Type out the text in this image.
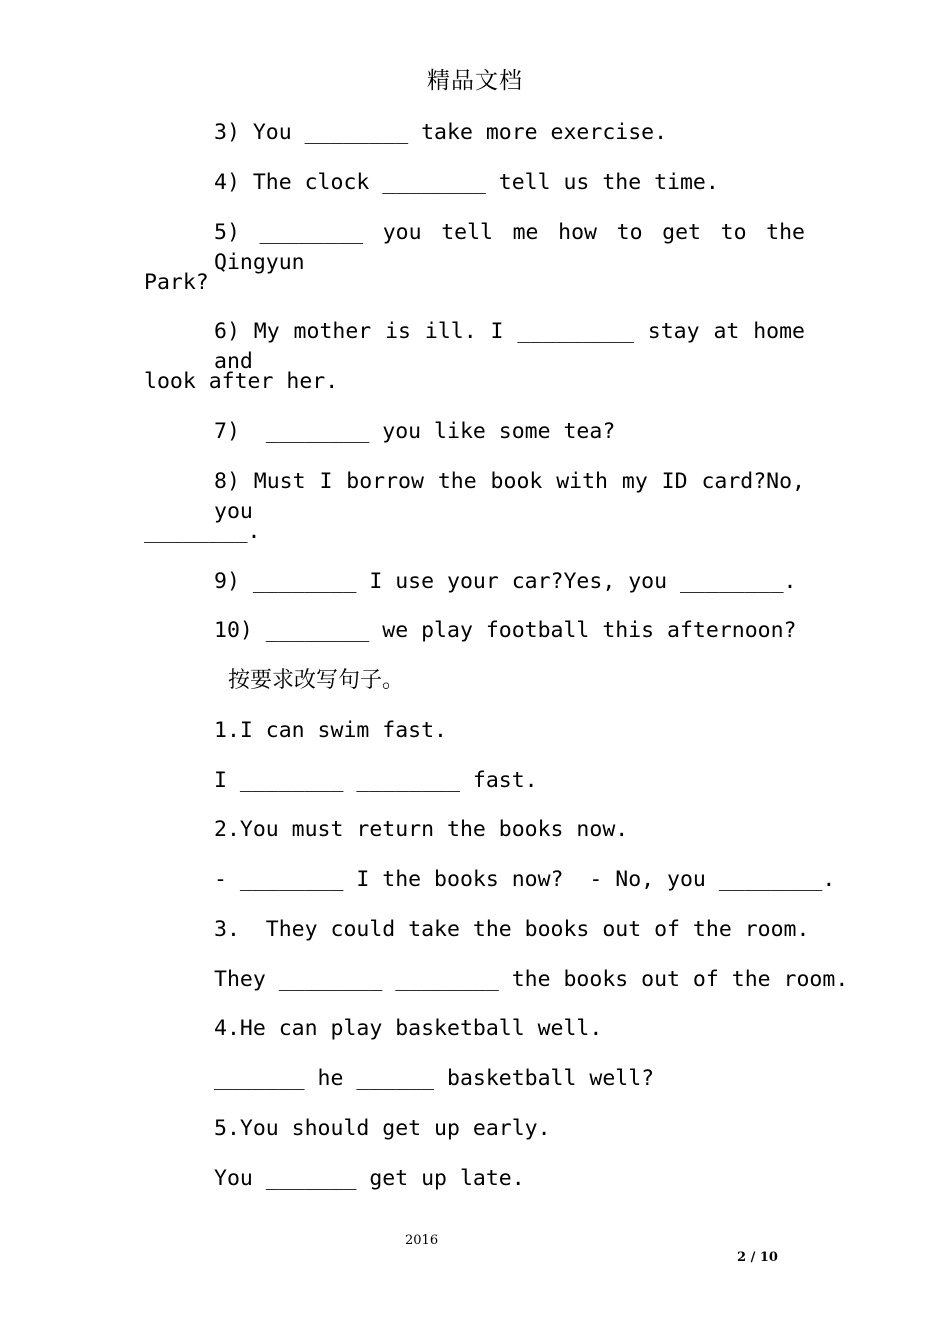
精品文档
3) You ________ take more exercise.
4) The clock ________ tell us the time.
5) ________ you tell me how to get to the Qingyun
Park?
6) My mother is ill. I _________ stay at home and
look after her.
7)  ________ you like some tea?
8) Must I borrow the book with my ID card?No, you
________.
9) ________ I use your car?Yes, you ________.
10) ________ we play football this afternoon?
按要求改写句子。
1.I can swim fast.
I ________ ________ fast.
2.You must return the books now.
- ________ I the books now?  - No, you ________.
3.  They could take the books out of the room.
They ________ ________ the books out of the room.
4.He can play basketball well.
_______ he ______ basketball well?
5.You should get up early.
You _______ get up late.
2016
2 / 10
